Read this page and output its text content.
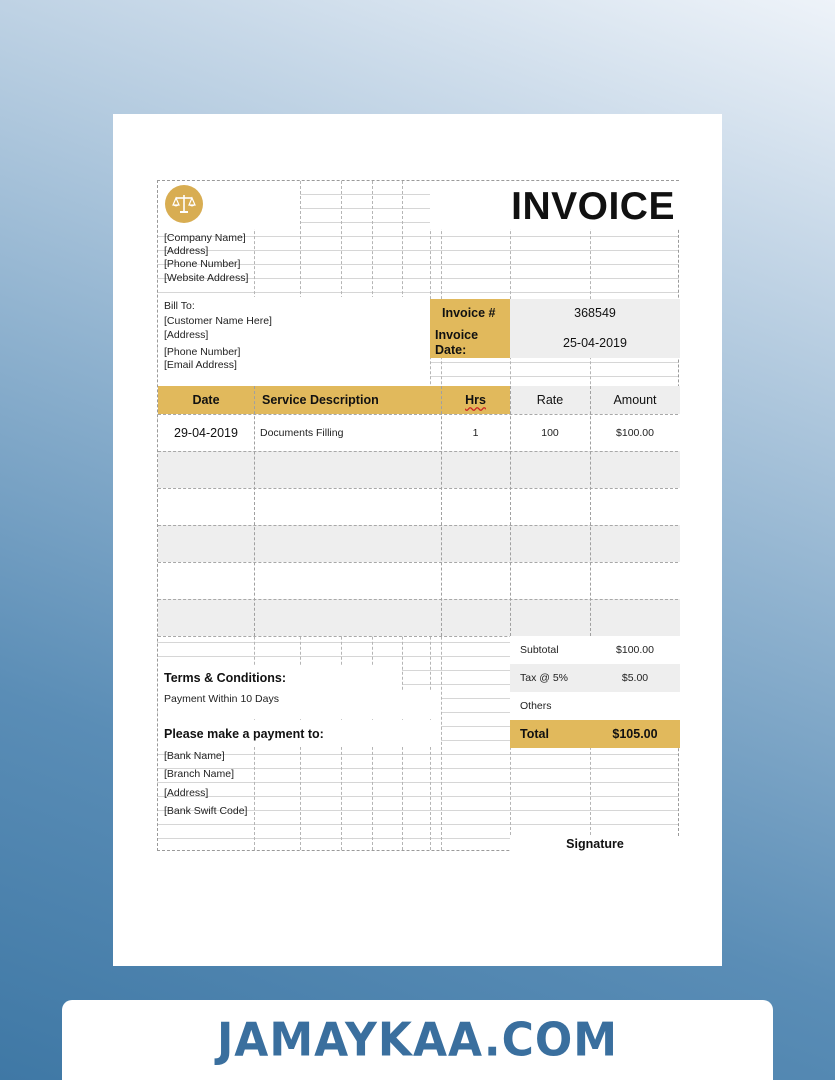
INVOICE
[Company Name]
[Address]
[Phone Number]
[Website Address]
Bill To:
[Customer Name Here]
[Address]
[Phone Number]
[Email Address]
Invoice #	368549
Invoice Date:	25-04-2019
Date	Service Description	Hrs	Rate	Amount
29-04-2019	Documents Filling	1	100	$100.00
Subtotal	$100.00
Tax @ 5%	$5.00
Others
Total	$105.00
Terms & Conditions:
Payment Within 10 Days
Please make a payment to:
[Bank Name]
[Branch Name]
[Address]
[Bank Swift Code]
Signature
JAMAYKAA.COM
